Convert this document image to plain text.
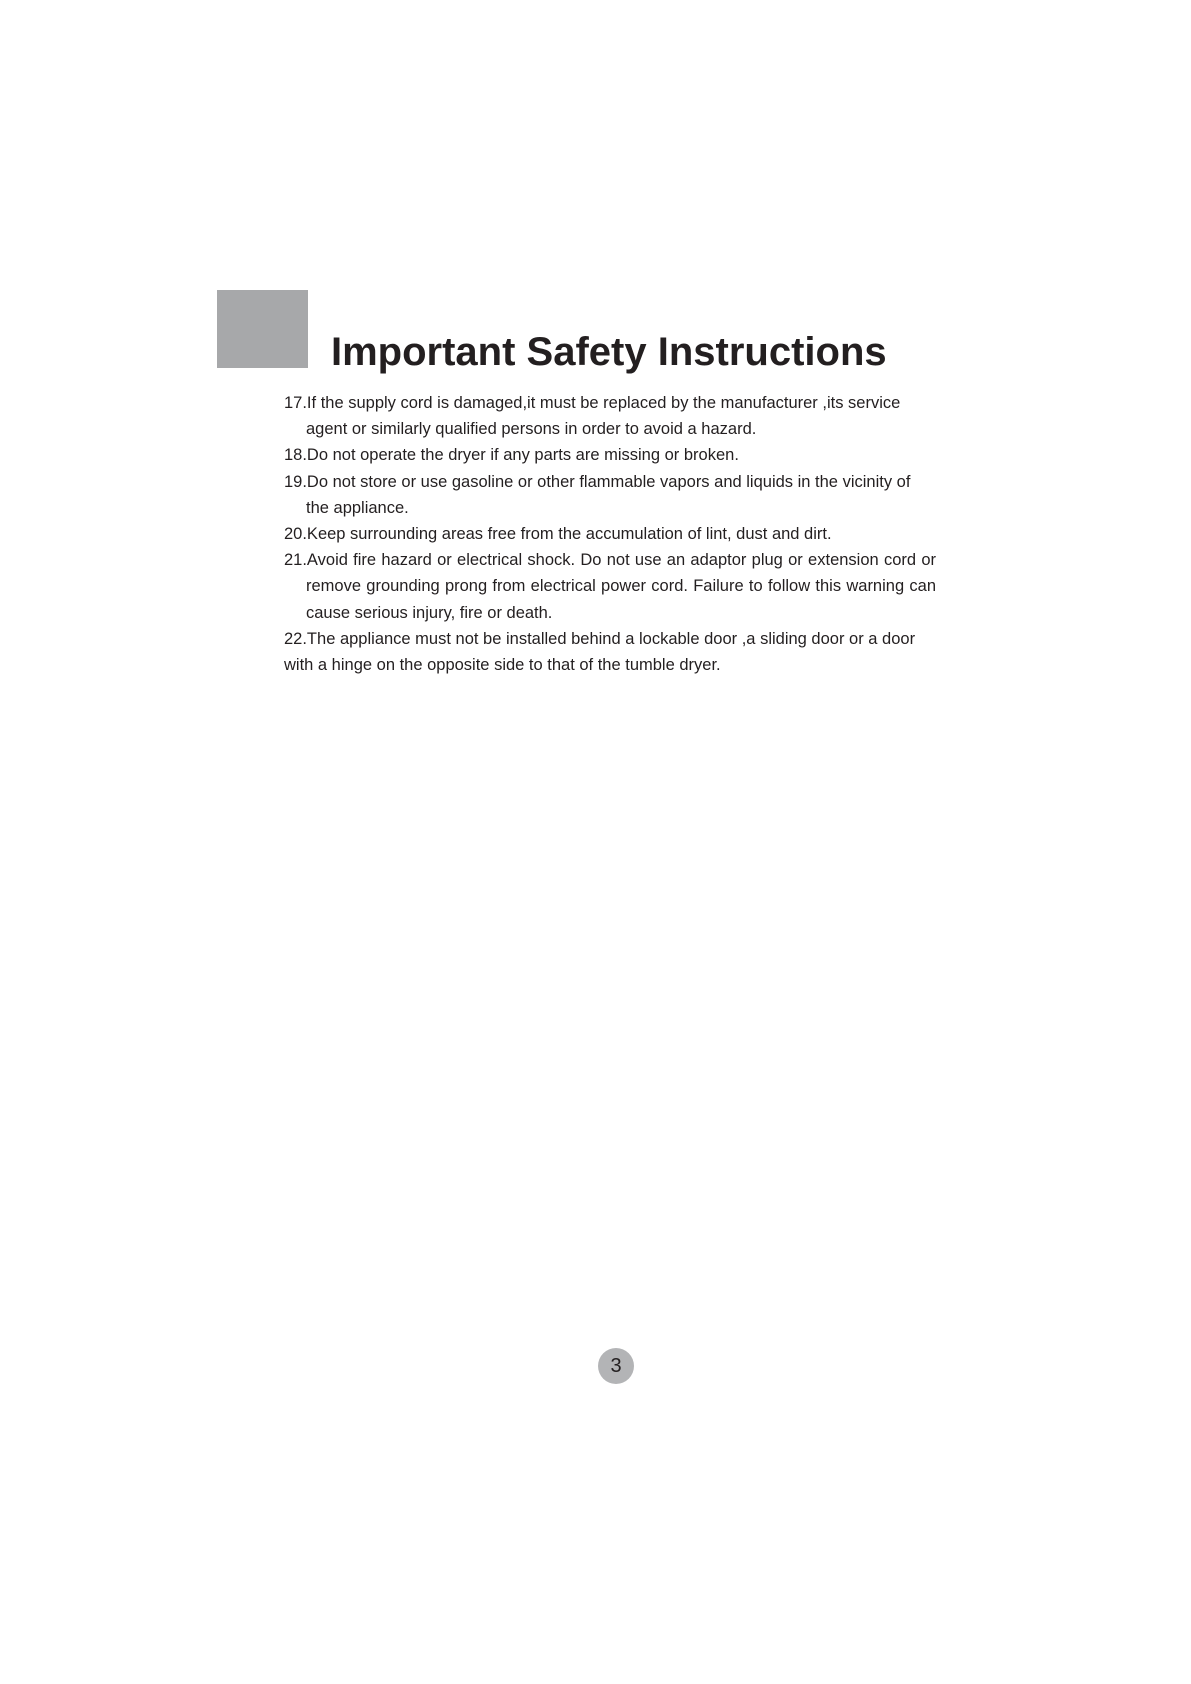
Important Safety Instructions
17.If the supply cord is damaged,it must be replaced by the manufacturer ,its service agent or similarly qualified persons in order to avoid a hazard.
18.Do not operate the dryer if any parts are missing or broken.
19.Do not store or use gasoline or other flammable vapors and liquids in the vicinity of the appliance.
20.Keep surrounding areas free from the accumulation of lint, dust and dirt.
21.Avoid fire hazard or electrical shock. Do not use an adaptor plug or extension cord or remove grounding prong from electrical power cord. Failure to follow this warning can cause serious injury, fire or death.
22.The appliance must not be installed behind a lockable door ,a sliding door or a door with a hinge on the opposite side to that of the tumble dryer.
3
